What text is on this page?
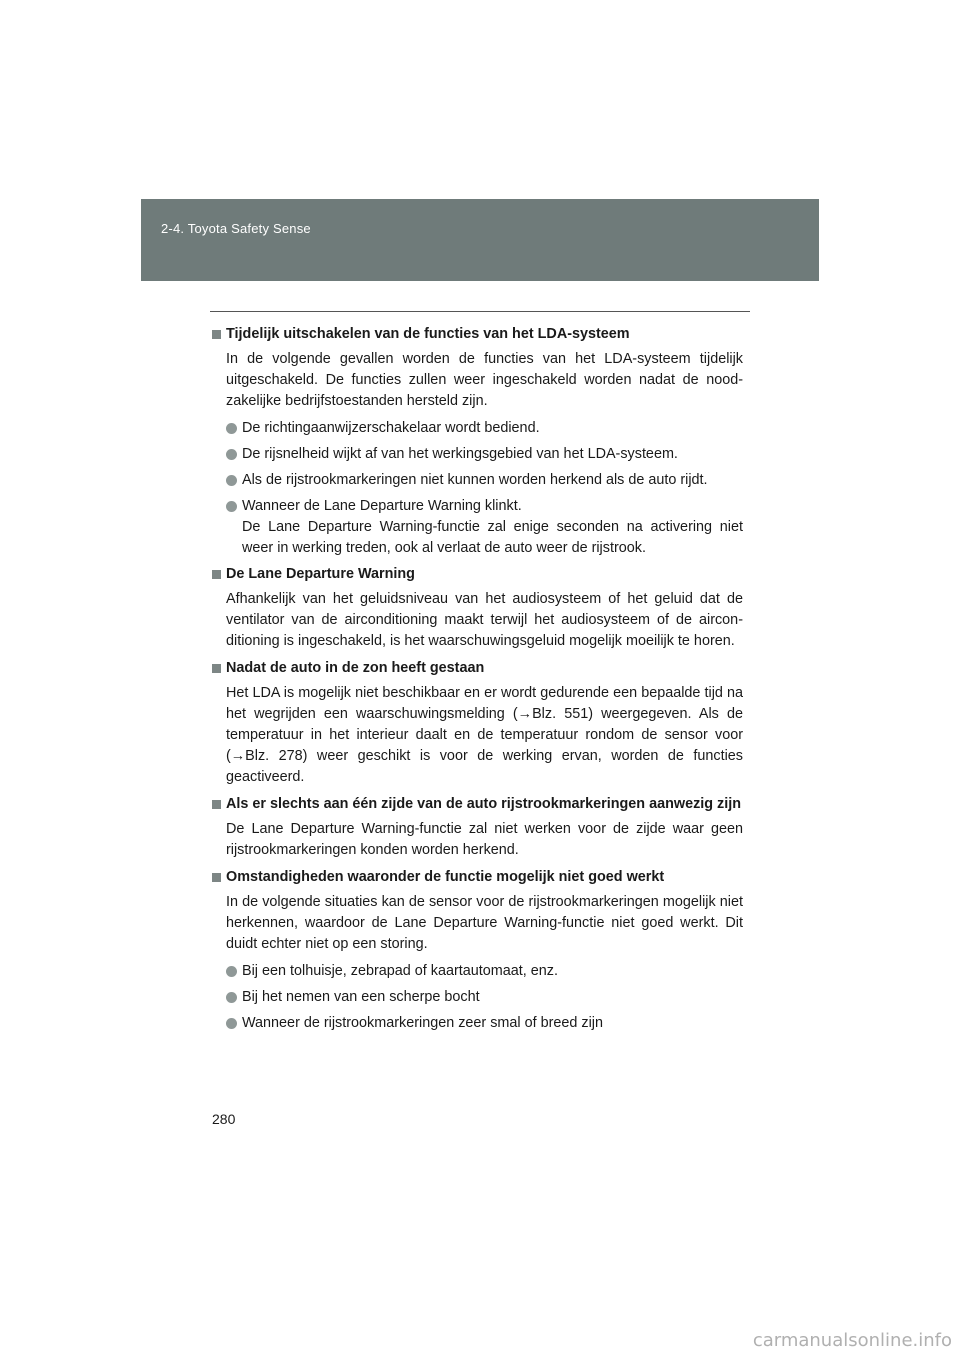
2-4. Toyota Safety Sense
Tijdelijk uitschakelen van de functies van het LDA-systeem

In de volgende gevallen worden de functies van het LDA-systeem tijdelijk uitgeschakeld. De functies zullen weer ingeschakeld worden nadat de noodzakelijke bedrijfstoestanden hersteld zijn.

De richtingaanwijzerschakelaar wordt bediend.
De rijsnelheid wijkt af van het werkingsgebied van het LDA-systeem.
Als de rijstrookmarkeringen niet kunnen worden herkend als de auto rijdt.
Wanneer de Lane Departure Warning klinkt.
De Lane Departure Warning-functie zal enige seconden na activering niet weer in werking treden, ook al verlaat de auto weer de rijstrook.
De Lane Departure Warning

Afhankelijk van het geluidsniveau van het audiosysteem of het geluid dat de ventilator van de airconditioning maakt terwijl het audiosysteem of de airconditioning is ingeschakeld, is het waarschuwingsgeluid mogelijk moeilijk te horen.

Nadat de auto in de zon heeft gestaan

Het LDA is mogelijk niet beschikbaar en er wordt gedurende een bepaalde tijd na het wegrijden een waarschuwingsmelding (→Blz. 551) weergegeven. Als de temperatuur in het interieur daalt en de temperatuur rondom de sensor voor (→Blz. 278) weer geschikt is voor de werking ervan, worden de functies geactiveerd.

Als er slechts aan één zijde van de auto rijstrookmarkeringen aanwezig zijn

De Lane Departure Warning-functie zal niet werken voor de zijde waar geen rijstrookmarkeringen konden worden herkend.

Omstandigheden waaronder de functie mogelijk niet goed werkt

In de volgende situaties kan de sensor voor de rijstrookmarkeringen mogelijk niet herkennen, waardoor de Lane Departure Warning-functie niet goed werkt. Dit duidt echter niet op een storing.

Bij een tolhuisje, zebrapad of kaartautomaat, enz.
Bij het nemen van een scherpe bocht
Wanneer de rijstrookmarkeringen zeer smal of breed zijn
280
carmanualsonline.info
